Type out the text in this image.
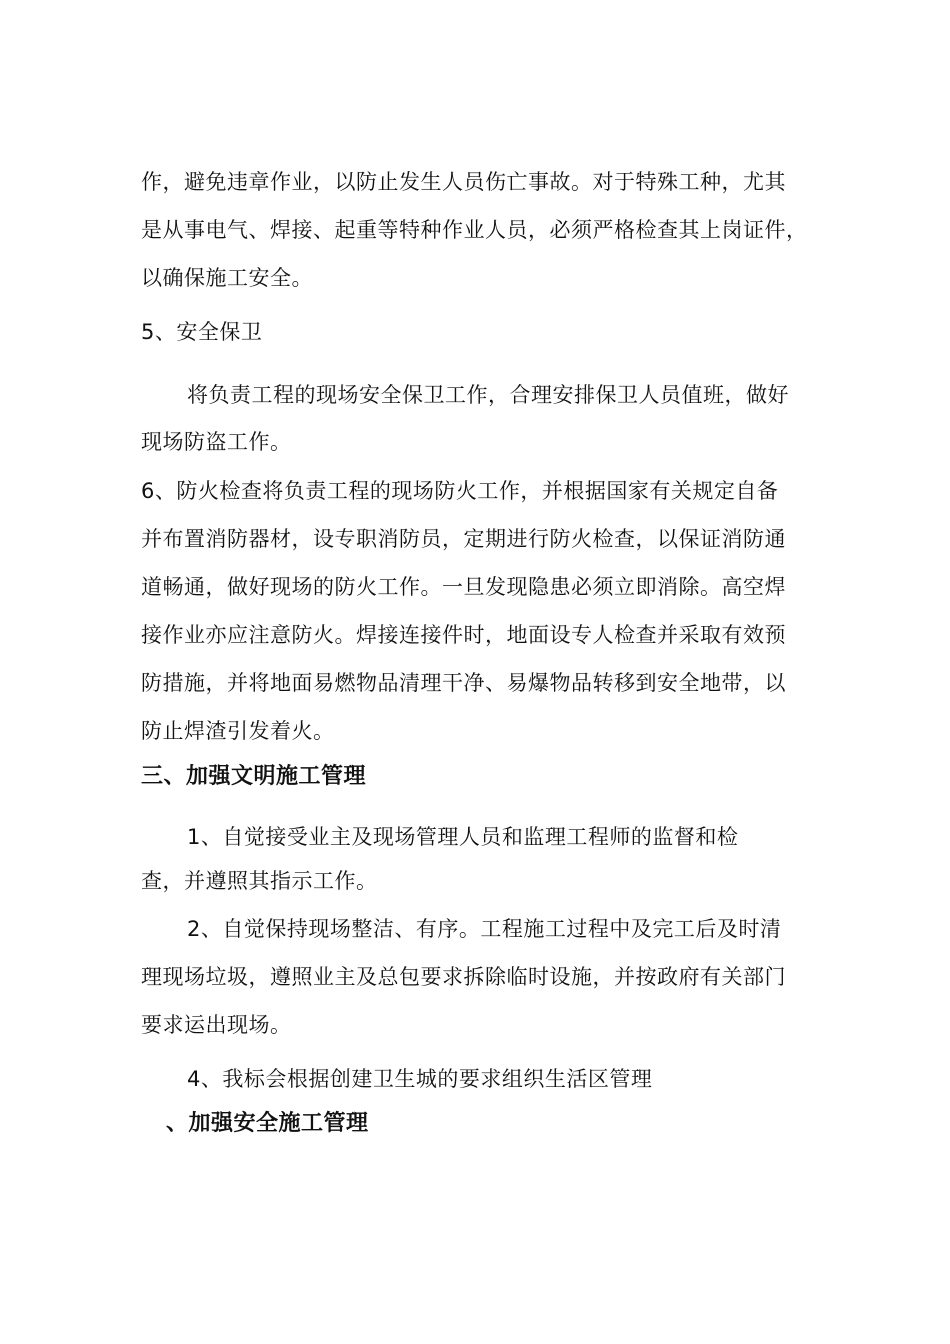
作，避免违章作业，以防止发生人员伤亡事故。对于特殊工种，尤其
是从事电气、焊接、起重等特种作业人员，必须严格检查其上岗证件，
以确保施工安全。
5、安全保卫
将负责工程的现场安全保卫工作，合理安排保卫人员值班，做好
现场防盗工作。
6、防火检查将负责工程的现场防火工作，并根据国家有关规定自备
并布置消防器材，设专职消防员，定期进行防火检查，以保证消防通
道畅通，做好现场的防火工作。一旦发现隐患必须立即消除。高空焊
接作业亦应注意防火。焊接连接件时，地面设专人检查并采取有效预
防措施，并将地面易燃物品清理干净、易爆物品转移到安全地带，以
防止焊渣引发着火。
三、加强文明施工管理
1、自觉接受业主及现场管理人员和监理工程师的监督和检
查，并遵照其指示工作。
2、自觉保持现场整洁、有序。工程施工过程中及完工后及时清
理现场垃圾，遵照业主及总包要求拆除临时设施，并按政府有关部门
要求运出现场。
4、我标会根据创建卫生城的要求组织生活区管理
、加强安全施工管理
